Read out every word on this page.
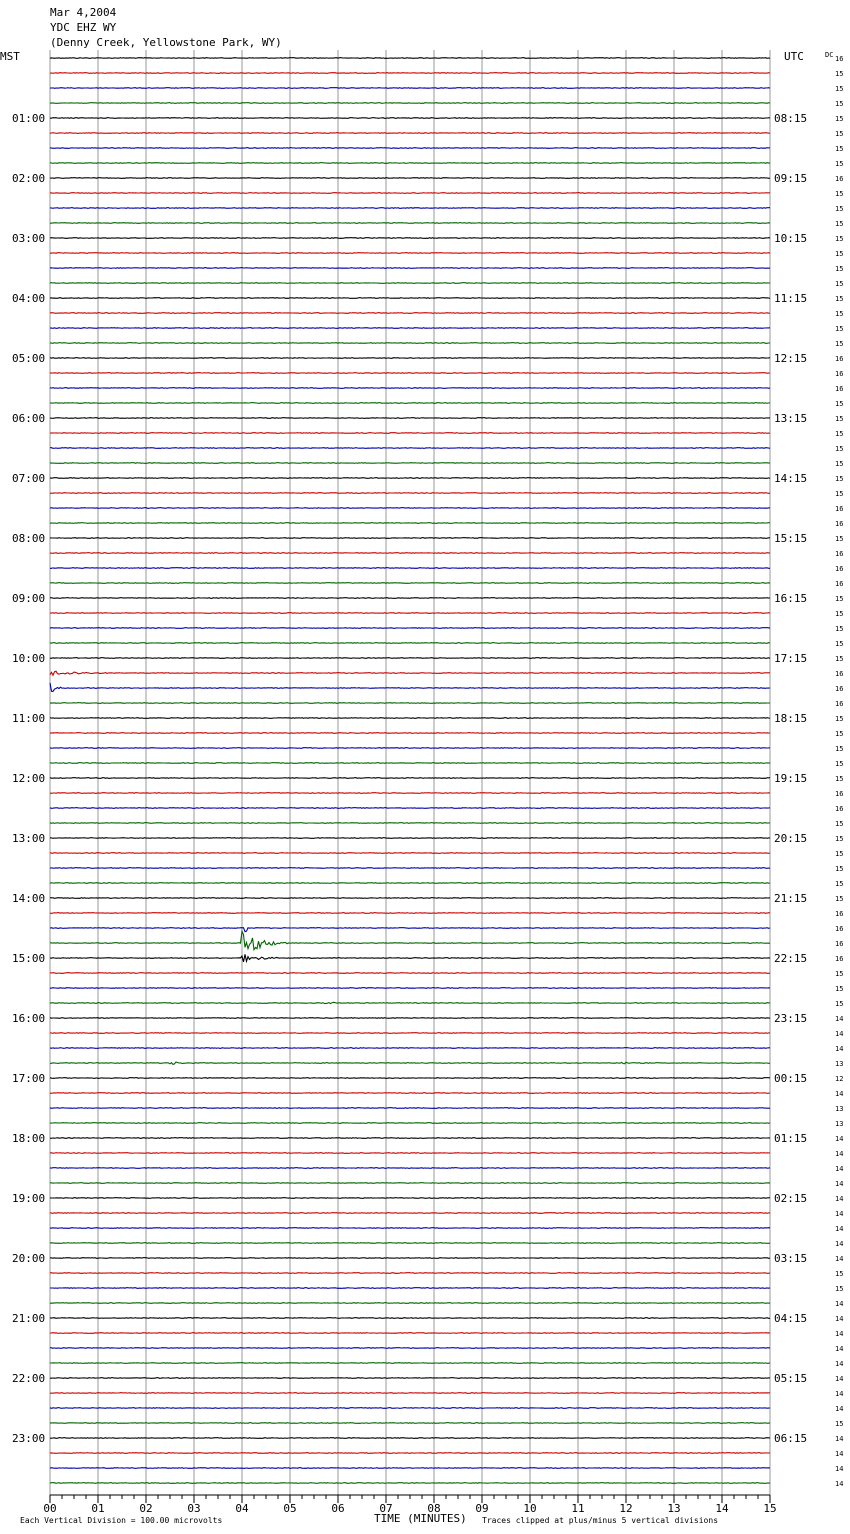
Mar 4,2004
YDC EHZ WY
(Denny Creek, Yellowstone Park, WY)
MST	UTC	DC
01:00
02:00
03:00
04:00
05:00
06:00
07:00
08:00
09:00
10:00
11:00
12:00
13:00
14:00
15:00
16:00
17:00
18:00
19:00
20:00
21:00
22:00
23:00
08:15
09:15
10:15
11:15
12:15
13:15
14:15
15:15
16:15
17:15
18:15
19:15
20:15
21:15
22:15
23:15
00:15
01:15
02:15
03:15
04:15
05:15
06:15
16
15
15
15
15
15
15
15
16
15
15
15
15
15
15
15
15
15
15
15
16
16
16
15
15
15
15
15
15
15
16
16
15
16
16
16
15
15
15
15
15
16
16
16
15
15
15
15
15
16
16
15
15
15
15
15
15
16
16
16
16
15
15
15
14
14
14
13
12
14
13
13
14
14
14
14
14
14
14
14
14
15
15
14
14
14
14
14
14
14
14
15
14
14
14
14
00	01	02	03	04	05	06	07	08	09	10	11	12	13	14	15
Each Vertical Division = 100.00 microvolts	TIME (MINUTES) Traces clipped at plus/minus 5 vertical divisions
